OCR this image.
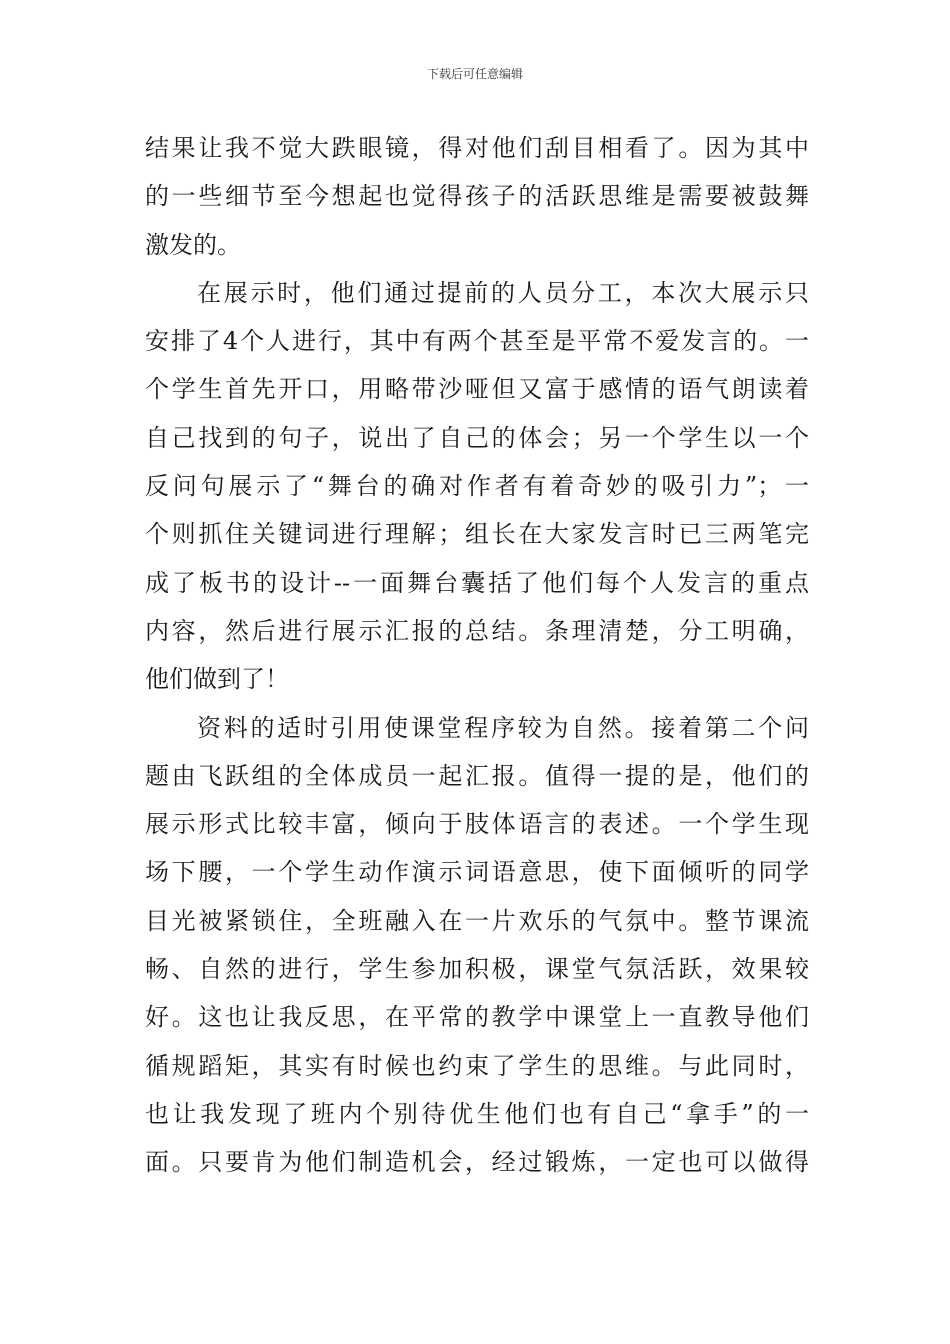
下载后可任意编辑
结果让我不觉大跌眼镜，得对他们刮目相看了。因为其中
的一些细节至今想起也觉得孩子的活跃思维是需要被鼓舞
激发的。
在展示时，他们通过提前的人员分工，本次大展示只
安排了4个人进行，其中有两个甚至是平常不爱发言的。一
个学生首先开口，用略带沙哑但又富于感情的语气朗读着
自己找到的句子，说出了自己的体会；另一个学生以一个
反问句展示了“舞台的确对作者有着奇妙的吸引力”；一
个则抓住关键词进行理解；组长在大家发言时已三两笔完
成了板书的设计--一面舞台囊括了他们每个人发言的重点
内容，然后进行展示汇报的总结。条理清楚，分工明确，
他们做到了！
资料的适时引用使课堂程序较为自然。接着第二个问
题由飞跃组的全体成员一起汇报。值得一提的是，他们的
展示形式比较丰富，倾向于肢体语言的表述。一个学生现
场下腰，一个学生动作演示词语意思，使下面倾听的同学
目光被紧锁住，全班融入在一片欢乐的气氛中。整节课流
畅、自然的进行，学生参加积极，课堂气氛活跃，效果较
好。这也让我反思，在平常的教学中课堂上一直教导他们
循规蹈矩，其实有时候也约束了学生的思维。与此同时，
也让我发现了班内个别待优生他们也有自己“拿手”的一
面。只要肯为他们制造机会，经过锻炼，一定也可以做得
